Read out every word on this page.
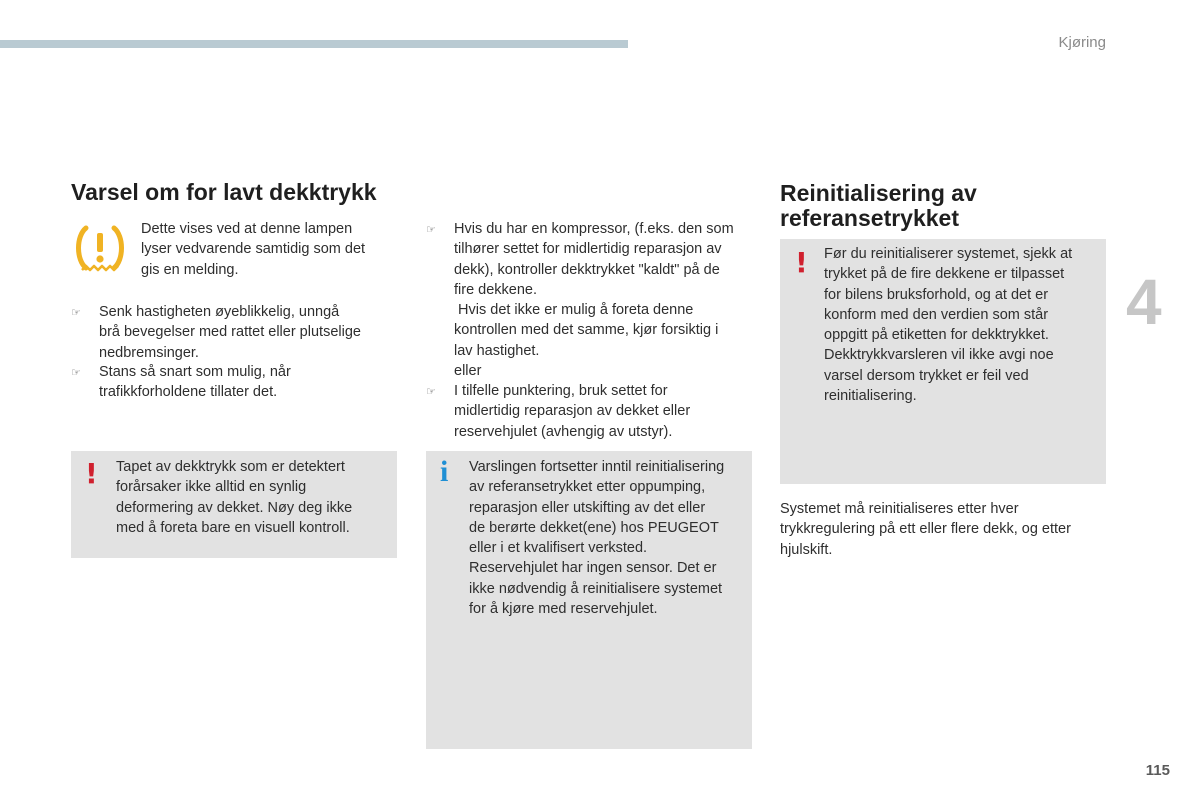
Kjøring
4
115
Varsel om for lavt dekktrykk

Dette vises ved at denne lampen
lyser vedvarende samtidig som det
gis en melding.

☞	Senk hastigheten øyeblikkelig, unngå
brå bevegelser med rattet eller plutselige
nedbremsinger.
☞	Stans så snart som mulig, når
trafikkforholdene tillater det.
! Tapet av dekktrykk som er detektert
forårsaker ikke alltid en synlig
deformering av dekket. Nøy deg ikke
med å foreta bare en visuell kontroll.

☞	Hvis du har en kompressor, (f.eks. den som
tilhører settet for midlertidig reparasjon av
dekk), kontroller dekktrykket "kaldt" på de
fire dekkene.
Hvis det ikke er mulig å foreta denne
kontrollen med det samme, kjør forsiktig i
lav hastighet.
eller
☞	I tilfelle punktering, bruk settet for
midlertidig reparasjon av dekket eller
reservehjulet (avhengig av utstyr).
i Varslingen fortsetter inntil reinitialisering
av referansetrykket etter oppumping,
reparasjon eller utskifting av det eller
de berørte dekket(ene) hos PEUGEOT
eller i et kvalifisert verksted.
Reservehjulet har ingen sensor. Det er
ikke nødvendig å reinitialisere systemet
for å kjøre med reservehjulet.

Reinitialisering av
referansetrykket
! Før du reinitialiserer systemet, sjekk at
trykket på de fire dekkene er tilpasset
for bilens bruksforhold, og at det er
konform med den verdien som står
oppgitt på etiketten for dekktrykket.
Dekktrykkvarsleren vil ikke avgi noe
varsel dersom trykket er feil ved
reinitialisering.

Systemet må reinitialiseres etter hver
trykkregulering på ett eller flere dekk, og etter
hjulskift.
